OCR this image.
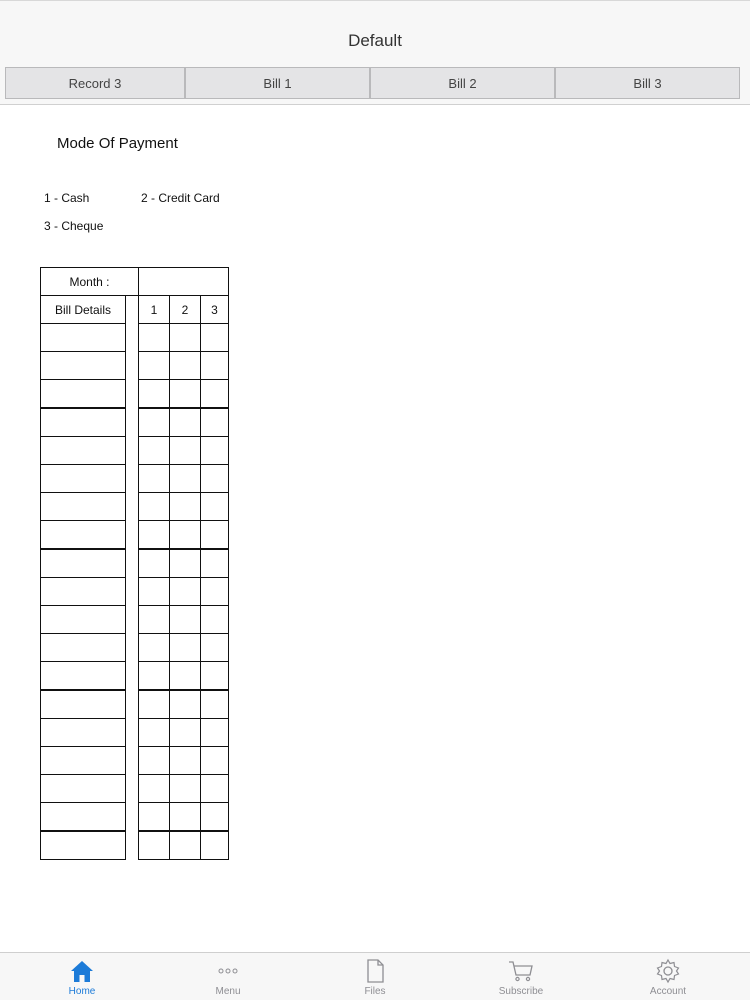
Default
Record 3	Bill 1	Bill 2	Bill 3
Mode Of Payment
1 - Cash	2 - Credit Card
3 - Cheque
Month :
Bill Details	1 2 3
Home	Menu	Files	Subscribe	Account
